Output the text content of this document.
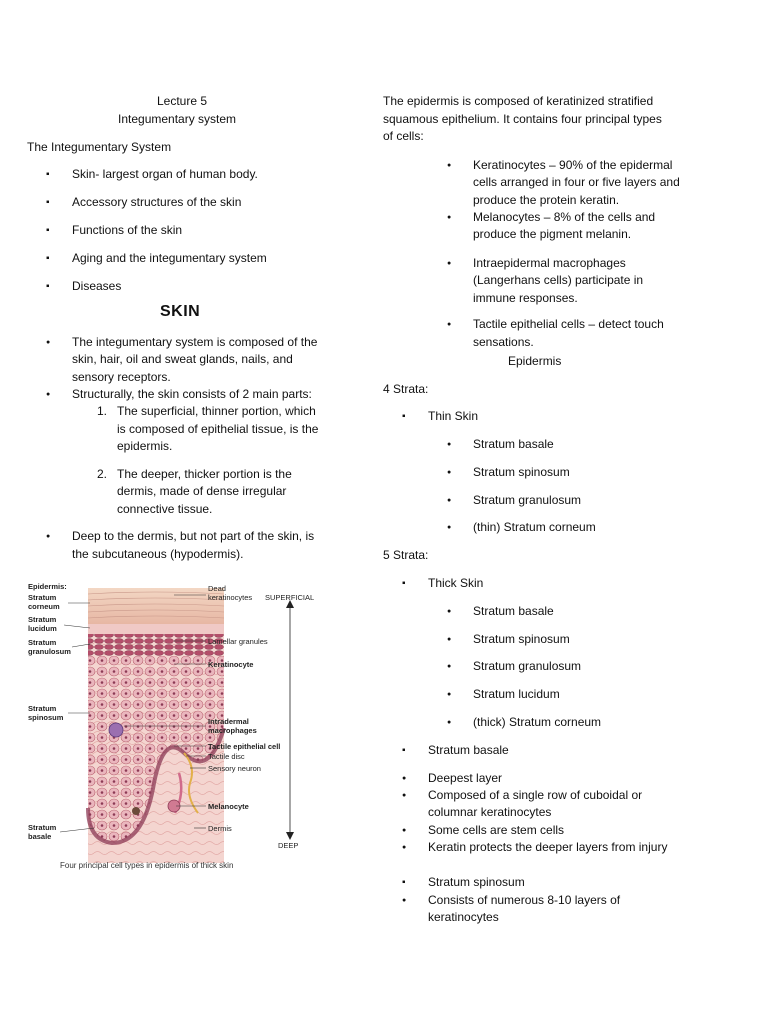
Lecture 5
Integumentary system
The Integumentary System
▪ Skin- largest organ of human body.
▪ Accessory structures of the skin
▪ Functions of the skin
▪ Aging and the integumentary system
▪ Diseases
SKIN
● The integumentary system is composed of the
skin, hair, oil and sweat glands, nails, and
sensory receptors.
● Structurally, the skin consists of 2 main parts:
1. The superficial, thinner portion, which
is composed of epithelial tissue, is the
epidermis.
2. The deeper, thicker portion is the
dermis, made of dense irregular
connective tissue.
● Deep to the dermis, but not part of the skin, is
the subcutaneous (hypodermis).
Epidermis:
Stratum
corneum
Stratum
lucidum
Stratum
granulosum
Stratum
spinosum
Stratum
basale
Dead
keratinocytes
Lamellar granules
Keratinocyte
Intradermal
macrophages
Tactile epithelial cell
Tactile disc
Sensory neuron
Melanocyte
Dermis
SUPERFICIAL
DEEP
Four principal cell types in epidermis of thick skin
The epidermis is composed of keratinized stratified
squamous epithelium. It contains four principal types
of cells:
● Keratinocytes – 90% of the epidermal
cells arranged in four or five layers and
produce the protein keratin.
● Melanocytes – 8% of the cells and
produce the pigment melanin.
● Intraepidermal macrophages
(Langerhans cells) participate in
immune responses.
● Tactile epithelial cells – detect touch
sensations.
Epidermis
4 Strata:
▪ Thin Skin
● Stratum basale
● Stratum spinosum
● Stratum granulosum
● (thin) Stratum corneum
5 Strata:
▪ Thick Skin
● Stratum basale
● Stratum spinosum
● Stratum granulosum
● Stratum lucidum
● (thick) Stratum corneum
▪ Stratum basale
● Deepest layer
● Composed of a single row of cuboidal or
columnar keratinocytes
● Some cells are stem cells
● Keratin protects the deeper layers from injury
▪ Stratum spinosum
● Consists of numerous 8-10 layers of
keratinocytes
